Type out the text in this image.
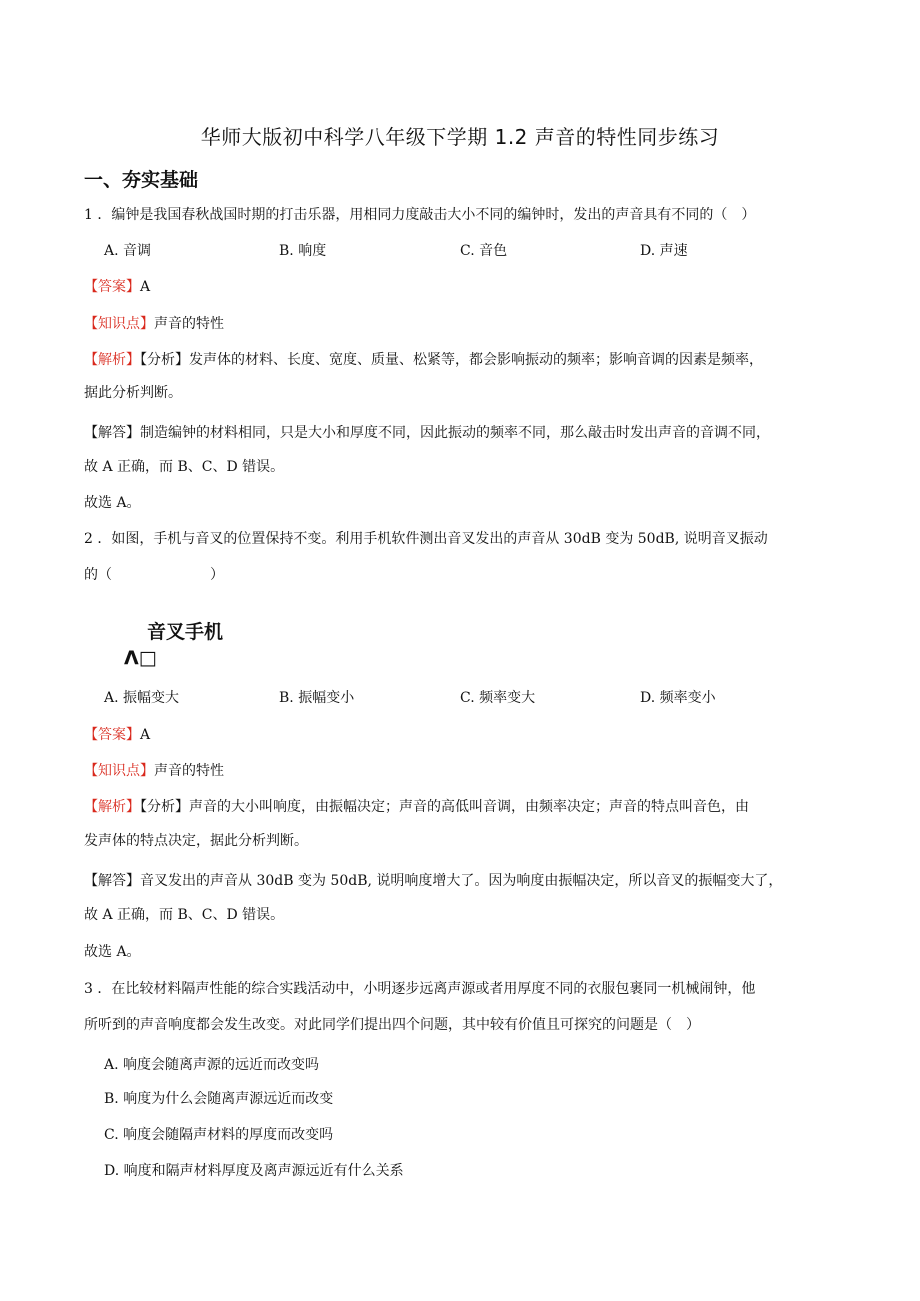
华师大版初中科学八年级下学期 1.2 声音的特性同步练习
一、夯实基础
1 ．编钟是我国春秋战国时期的打击乐器，用相同力度敲击大小不同的编钟时，发出的声音具有不同的（　）
A. 音调	B. 响度	C. 音色	D. 声速
【答案】A
【知识点】声音的特性
【解析】【分析】发声体的材料、长度、宽度、质量、松紧等，都会影响振动的频率；影响音调的因素是频率，
据此分析判断。
【解答】制造编钟的材料相同，只是大小和厚度不同，因此振动的频率不同，那么敲击时发出声音的音调不同，
故 A 正确，而 B、C、D 错误。
故选 A。
2 ．如图，手机与音叉的位置保持不变。利用手机软件测出音叉发出的声音从 30dB 变为 50dB, 说明音叉振动
的（　　　　　　　）
音叉手机
Λ□
A. 振幅变大	B. 振幅变小	C. 频率变大	D. 频率变小
【答案】A
【知识点】声音的特性
【解析】【分析】声音的大小叫响度，由振幅决定；声音的高低叫音调，由频率决定；声音的特点叫音色，由
发声体的特点决定，据此分析判断。
【解答】音叉发出的声音从 30dB 变为 50dB, 说明响度增大了。因为响度由振幅决定，所以音叉的振幅变大了，
故 A 正确，而 B、C、D 错误。
故选 A。
3 ．在比较材料隔声性能的综合实践活动中，小明逐步远离声源或者用厚度不同的衣服包裹同一机械闹钟，他
所听到的声音响度都会发生改变。对此同学们提出四个问题，其中较有价值且可探究的问题是（　）
A. 响度会随离声源的远近而改变吗
B. 响度为什么会随离声源远近而改变
C. 响度会随隔声材料的厚度而改变吗
D. 响度和隔声材料厚度及离声源远近有什么关系
